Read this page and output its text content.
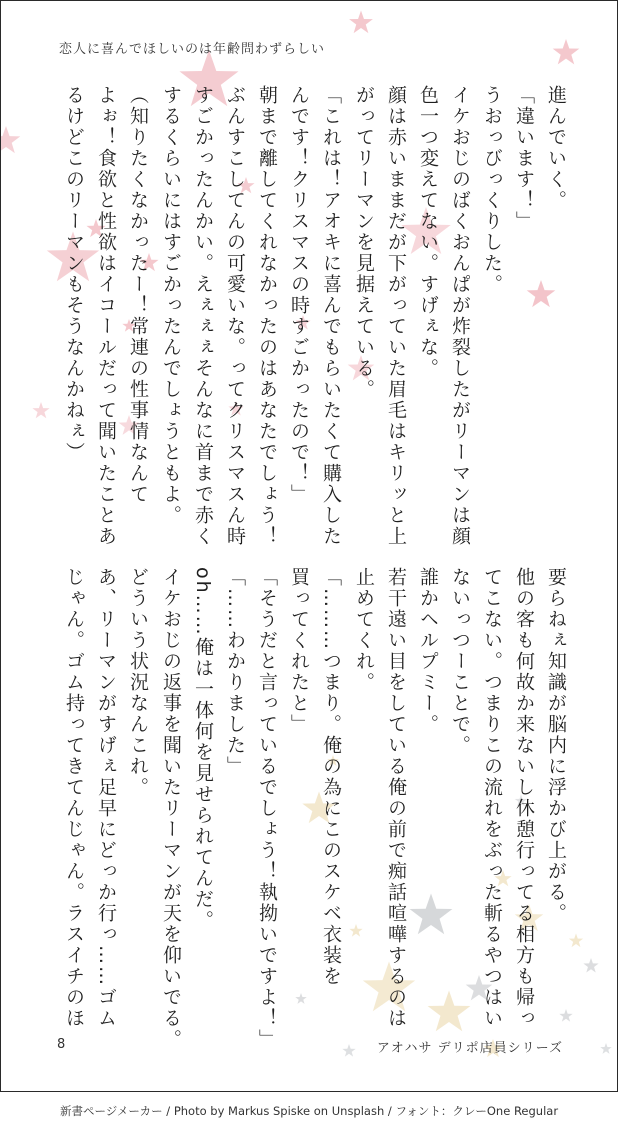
恋人に喜んでほしいのは年齢問わずらしい
進んでいく。
「違います！」
うおっびっくりした。
イケおじのばくおんぱが炸裂したがリーマンは顔
色一つ変えてない。すげぇな。
顔は赤いままだが下がっていた眉毛はキリッと上
がってリーマンを見据えている。
「これは！アオキに喜んでもらいたくて購入した
んです！クリスマスの時すごかったので！」
朝まで離してくれなかったのはあなたでしょう！
ぶんすこしてんの可愛いな。ってクリスマスん時
すごかったんかい。えぇぇぇそんなに首まで赤く
するくらいにはすごかったんでしょうともよ。
（知りたくなかったー！常連の性事情なんて
よぉ！食欲と性欲はイコールだって聞いたことあ
るけどこのリーマンもそうなんかねぇ）
要らねぇ知識が脳内に浮かび上がる。
他の客も何故か来ないし休憩行ってる相方も帰っ
てこない。つまりこの流れをぶった斬るやつはい
ないっつーことで。
誰かヘルプミー。
若干遠い目をしている俺の前で痴話喧嘩するのは
止めてくれ。
「………つまり。俺の為にこのスケベ衣装を
買ってくれたと」
「そうだと言っているでしょう！執拗いですよ！」
「……わかりました」
oh……俺は一体何を見せられてんだ。
イケおじの返事を聞いたリーマンが天を仰いでる。
どういう状況なんこれ。
あ、リーマンがすげぇ足早にどっか行っ……ゴム
じゃん。ゴム持ってきてんじゃん。ラスイチのほ
8	アオハサ デリポ店員シリーズ
新書ページメーカー / Photo by Markus Spiske on Unsplash / フォント：クレーOne Regular
